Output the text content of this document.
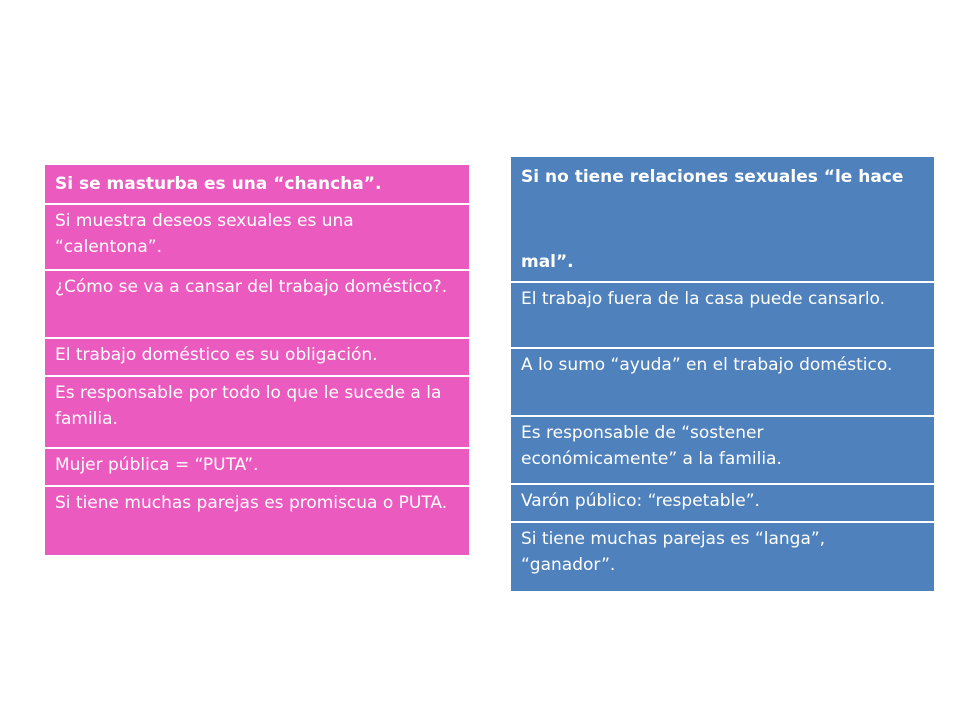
Si se masturba es una “chancha”.
Si muestra deseos sexuales es una “calentona”.
¿Cómo se va a cansar del trabajo doméstico?.
El trabajo doméstico es su obligación.
Es responsable por todo lo que le sucede a la familia.
Mujer pública = “PUTA”.
Si tiene muchas parejas es promiscua o PUTA.
Si no tiene relaciones sexuales “le hace
mal”.
El trabajo fuera de la casa puede cansarlo.
A lo sumo “ayuda” en el trabajo doméstico.
Es responsable de “sostener económicamente” a la familia.
Varón público: “respetable”.
Si tiene muchas parejas es “langa”, “ganador”.
